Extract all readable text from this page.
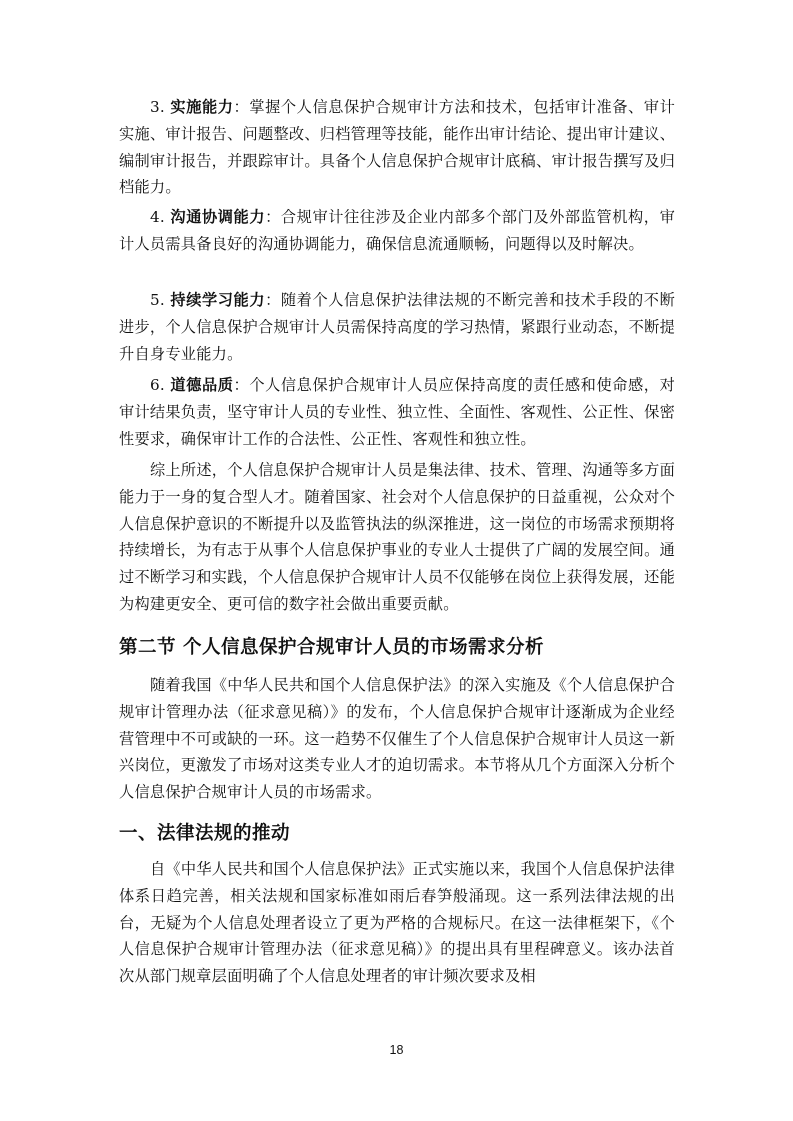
3. 实施能力：掌握个人信息保护合规审计方法和技术，包括审计准备、审计实施、审计报告、问题整改、归档管理等技能，能作出审计结论、提出审计建议、编制审计报告，并跟踪审计。具备个人信息保护合规审计底稿、审计报告撰写及归档能力。

4. 沟通协调能力：合规审计往往涉及企业内部多个部门及外部监管机构，审计人员需具备良好的沟通协调能力，确保信息流通顺畅，问题得以及时解决。

5. 持续学习能力：随着个人信息保护法律法规的不断完善和技术手段的不断进步，个人信息保护合规审计人员需保持高度的学习热情，紧跟行业动态，不断提升自身专业能力。

6. 道德品质：个人信息保护合规审计人员应保持高度的责任感和使命感，对审计结果负责，坚守审计人员的专业性、独立性、全面性、客观性、公正性、保密性要求，确保审计工作的合法性、公正性、客观性和独立性。

综上所述，个人信息保护合规审计人员是集法律、技术、管理、沟通等多方面能力于一身的复合型人才。随着国家、社会对个人信息保护的日益重视，公众对个人信息保护意识的不断提升以及监管执法的纵深推进，这一岗位的市场需求预期将持续增长，为有志于从事个人信息保护事业的专业人士提供了广阔的发展空间。通过不断学习和实践，个人信息保护合规审计人员不仅能够在岗位上获得发展，还能为构建更安全、更可信的数字社会做出重要贡献。

第二节 个人信息保护合规审计人员的市场需求分析

随着我国《中华人民共和国个人信息保护法》的深入实施及《个人信息保护合规审计管理办法（征求意见稿）》的发布，个人信息保护合规审计逐渐成为企业经营管理中不可或缺的一环。这一趋势不仅催生了个人信息保护合规审计人员这一新兴岗位，更激发了市场对这类专业人才的迫切需求。本节将从几个方面深入分析个人信息保护合规审计人员的市场需求。

一、法律法规的推动

自《中华人民共和国个人信息保护法》正式实施以来，我国个人信息保护法律体系日趋完善，相关法规和国家标准如雨后春笋般涌现。这一系列法律法规的出台，无疑为个人信息处理者设立了更为严格的合规标尺。在这一法律框架下，《个人信息保护合规审计管理办法（征求意见稿）》的提出具有里程碑意义。该办法首次从部门规章层面明确了个人信息处理者的审计频次要求及相

18
